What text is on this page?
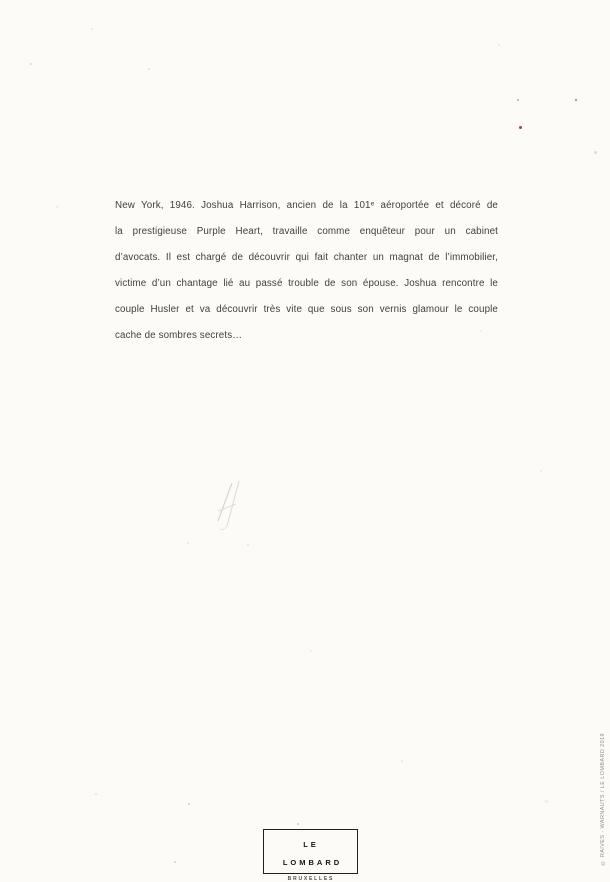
New York, 1946. Joshua Harrison, ancien de la 101ᵉ aéroportée et décoré de
la prestigieuse Purple Heart, travaille comme enquêteur pour un cabinet
d’avocats. Il est chargé de découvrir qui fait chanter un magnat de l’immobilier,
victime d’un chantage lié au passé trouble de son épouse. Joshua rencontre le
couple Husler et va découvrir très vite que sous son vernis glamour le couple
cache de sombres secrets…
LE LOMBARD
BRUXELLES
© RAIVES - WARNAUTS / LE LOMBARD 2019
